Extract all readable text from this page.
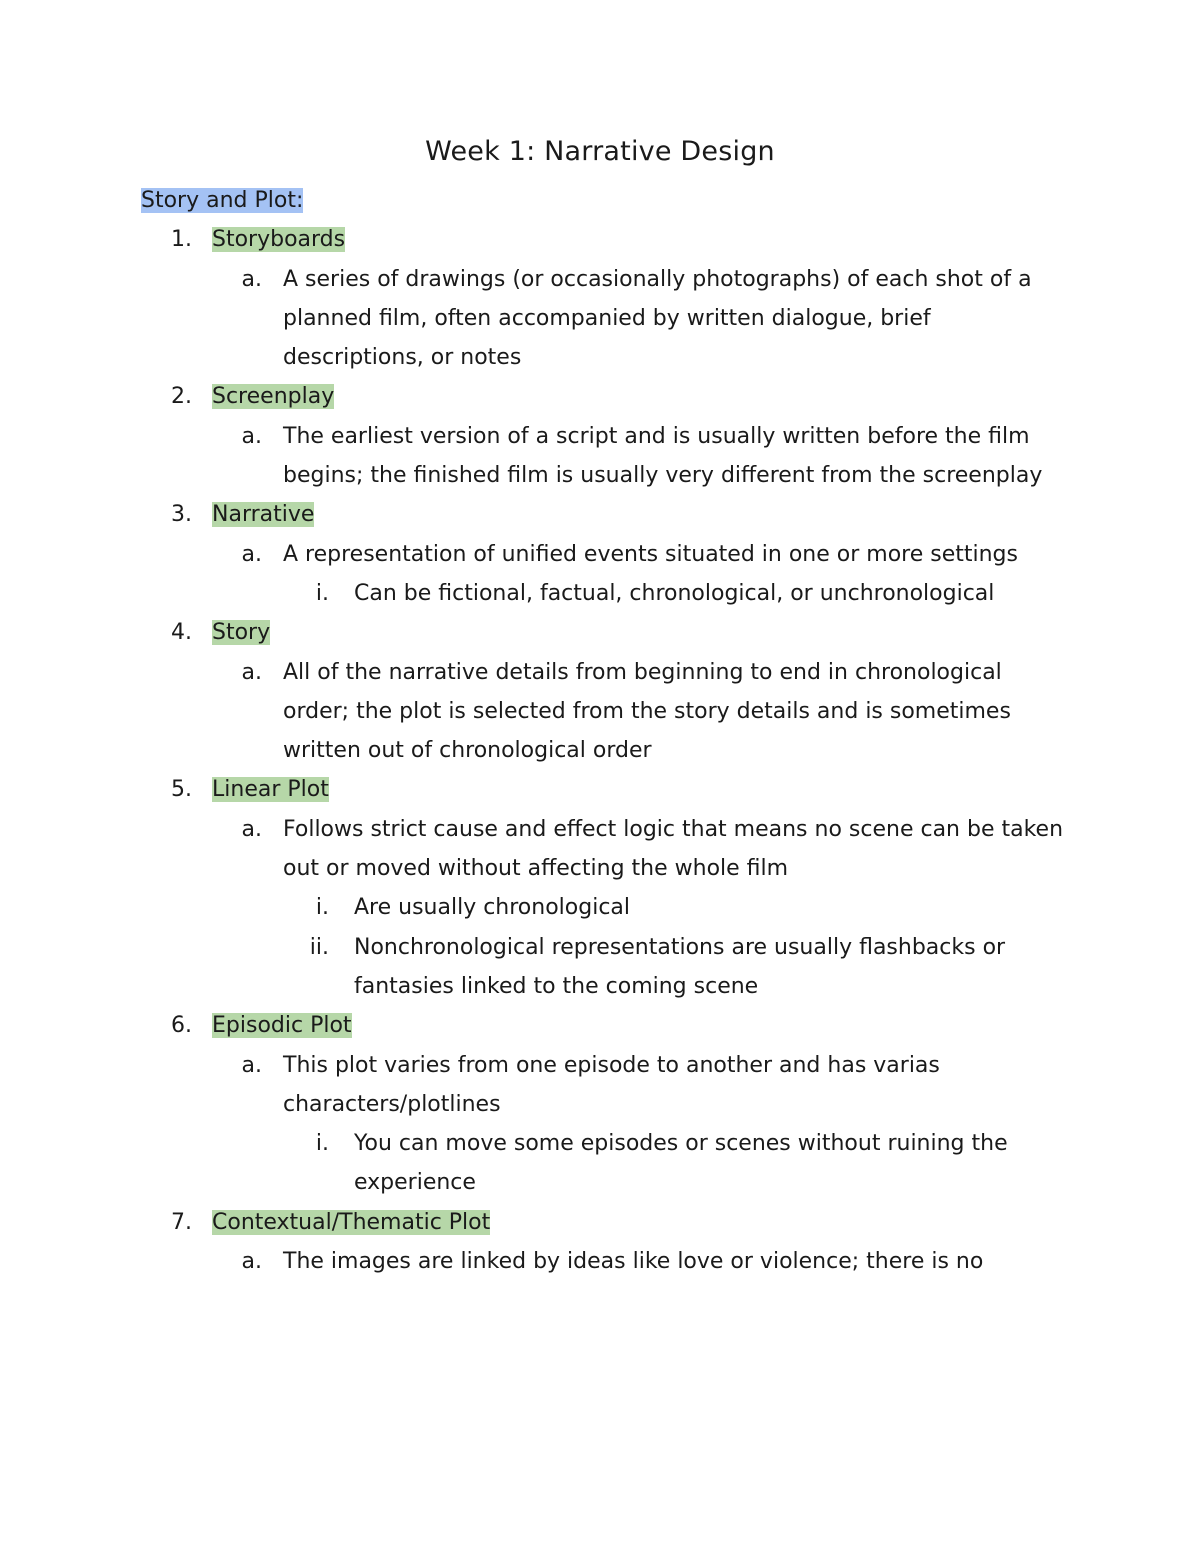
Week 1: Narrative Design
Story and Plot:
1. Storyboards
a. A series of drawings (or occasionally photographs) of each shot of a planned film, often accompanied by written dialogue, brief descriptions, or notes
2. Screenplay
a. The earliest version of a script and is usually written before the film begins; the finished film is usually very different from the screenplay
3. Narrative
a. A representation of unified events situated in one or more settings
i. Can be fictional, factual, chronological, or unchronological
4. Story
a. All of the narrative details from beginning to end in chronological order; the plot is selected from the story details and is sometimes written out of chronological order
5. Linear Plot
a. Follows strict cause and effect logic that means no scene can be taken out or moved without affecting the whole film
i. Are usually chronological
ii. Nonchronological representations are usually flashbacks or fantasies linked to the coming scene
6. Episodic Plot
a. This plot varies from one episode to another and has varias characters/plotlines
i. You can move some episodes or scenes without ruining the experience
7. Contextual/Thematic Plot
a. The images are linked by ideas like love or violence; there is no
